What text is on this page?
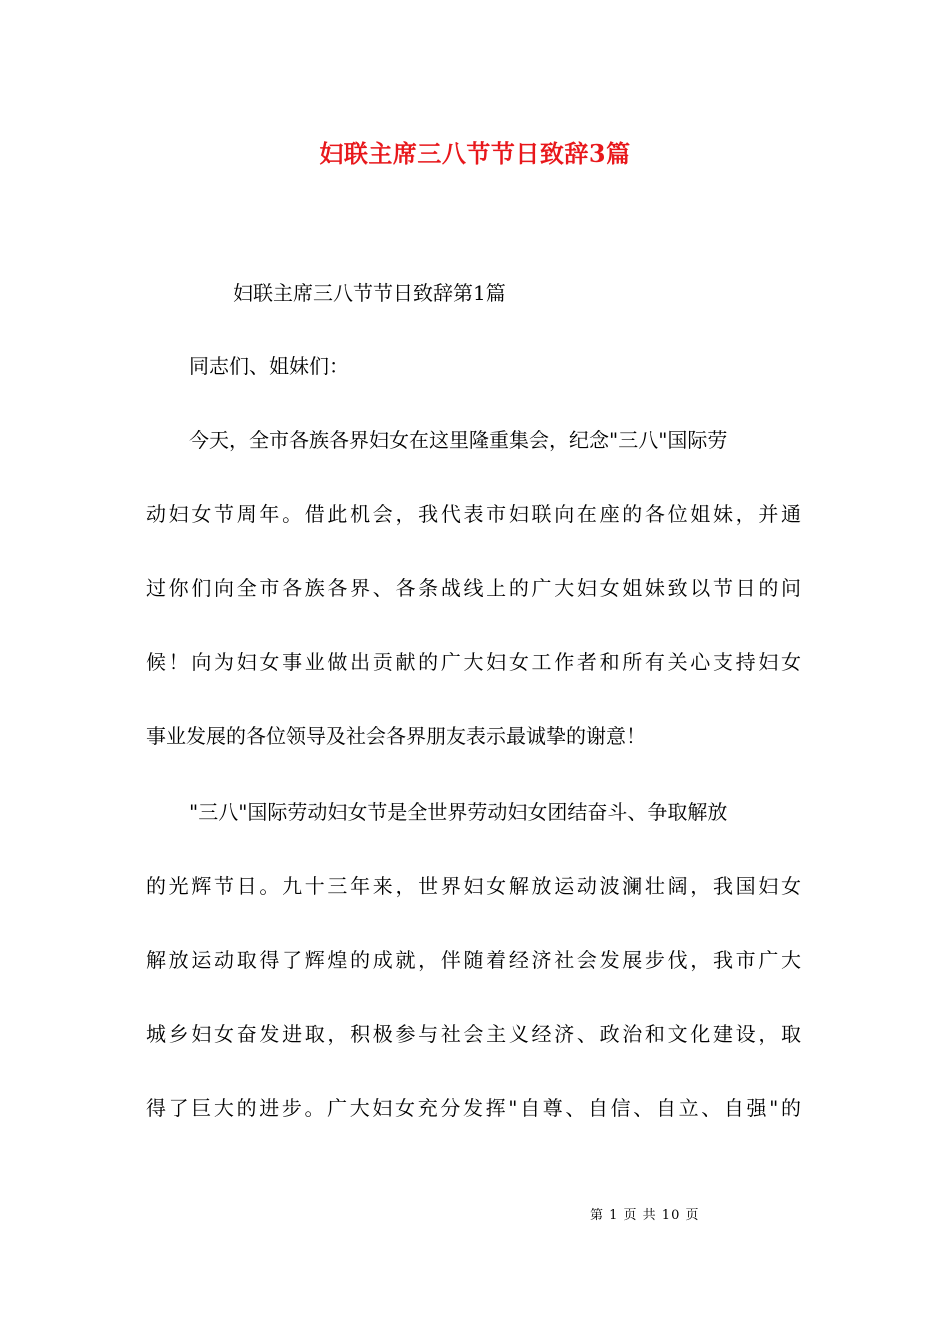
妇联主席三八节节日致辞3篇
妇联主席三八节节日致辞第1篇
同志们、姐妹们：
今天，全市各族各界妇女在这里隆重集会，纪念"三八"国际劳
动妇女节周年。借此机会，我代表市妇联向在座的各位姐妹，并通
过你们向全市各族各界、各条战线上的广大妇女姐妹致以节日的问
候！向为妇女事业做出贡献的广大妇女工作者和所有关心支持妇女
事业发展的各位领导及社会各界朋友表示最诚挚的谢意！
"三八"国际劳动妇女节是全世界劳动妇女团结奋斗、争取解放
的光辉节日。九十三年来，世界妇女解放运动波澜壮阔，我国妇女
解放运动取得了辉煌的成就，伴随着经济社会发展步伐，我市广大
城乡妇女奋发进取，积极参与社会主义经济、政治和文化建设，取
得了巨大的进步。广大妇女充分发挥"自尊、自信、自立、自强"的
第 1 页 共 10 页
